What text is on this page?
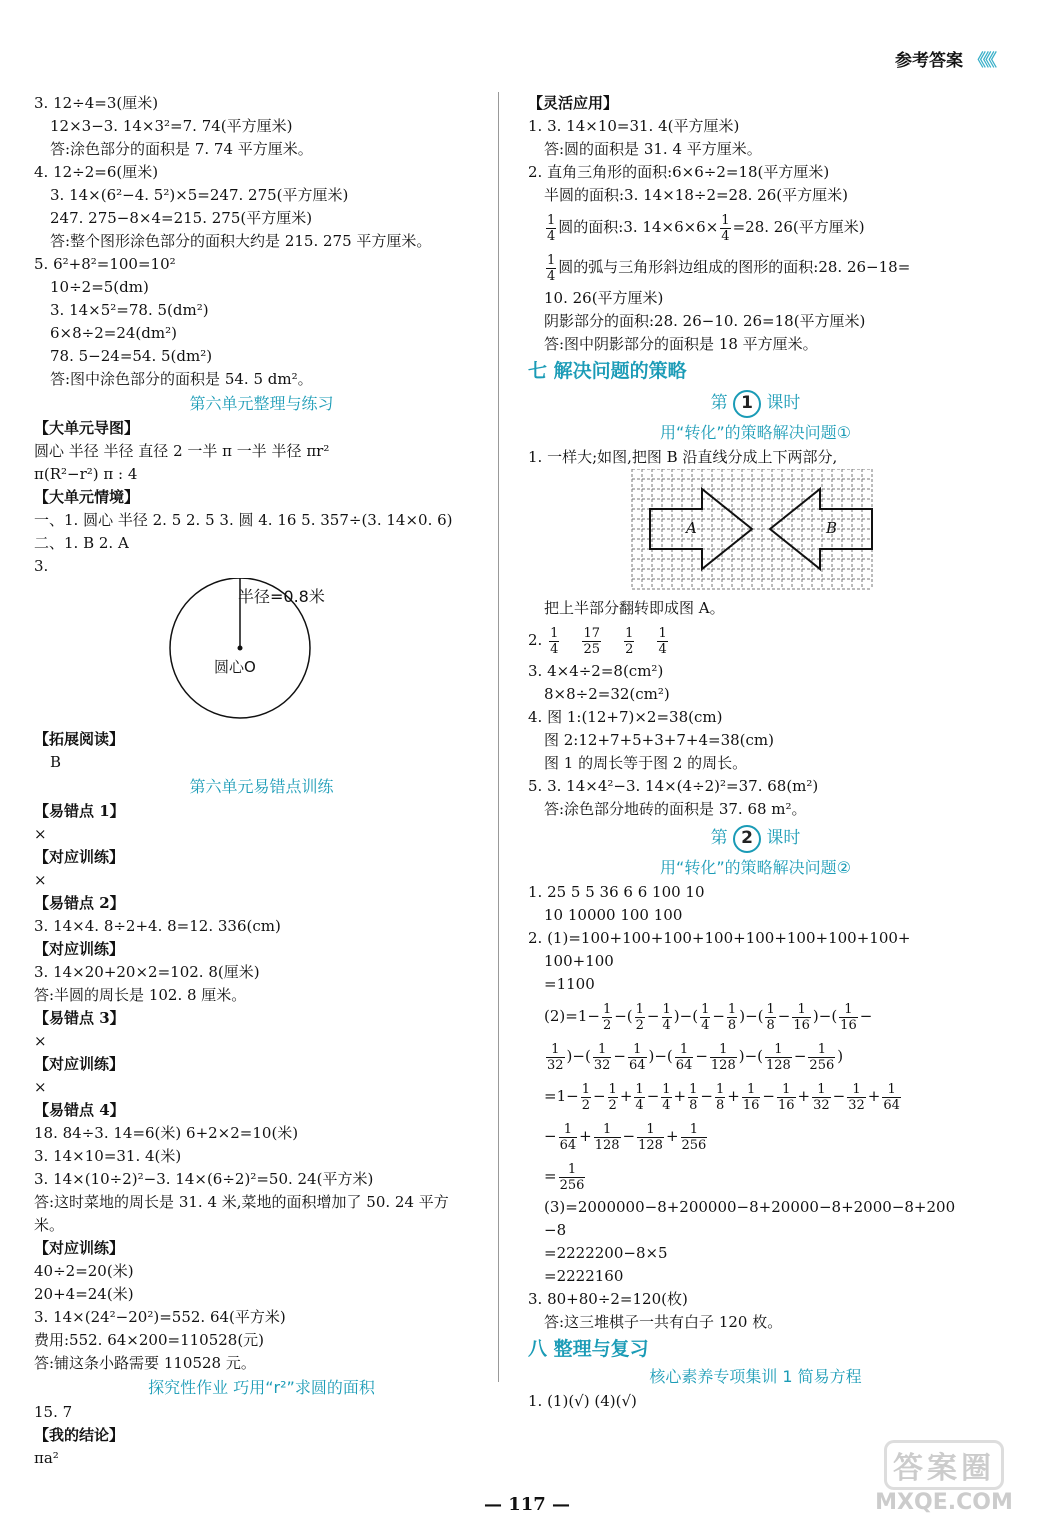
参考答案 《《《
3. 12÷4=3(厘米)
12×3−3. 14×3²=7. 74(平方厘米)
答:涂色部分的面积是 7. 74 平方厘米。
4. 12÷2=6(厘米)
3. 14×(6²−4. 5²)×5=247. 275(平方厘米)
247. 275−8×4=215. 275(平方厘米)
答:整个图形涂色部分的面积大约是 215. 275 平方厘米。
5. 6²+8²=100=10²
10÷2=5(dm)
3. 14×5²=78. 5(dm²)
6×8÷2=24(dm²)
78. 5−24=54. 5(dm²)
答:图中涂色部分的面积是 54. 5 dm²。
第六单元整理与练习
【大单元导图】
圆心 半径 半径 直径 2 一半 π 一半 半径 πr²
π(R²−r²) π : 4
【大单元情境】
一、1. 圆心 半径 2. 5 2. 5 3. 圆 4. 16 5. 357÷(3. 14×0. 6)
二、1. B 2. A
3.
半径=0.8米
圆心O
【拓展阅读】
B
第六单元易错点训练
【易错点 1】
×
【对应训练】
×
【易错点 2】
3. 14×4. 8÷2+4. 8=12. 336(cm)
【对应训练】
3. 14×20+20×2=102. 8(厘米)
答:半圆的周长是 102. 8 厘米。
【易错点 3】
×
【对应训练】
×
【易错点 4】
18. 84÷3. 14=6(米) 6+2×2=10(米)
3. 14×10=31. 4(米)
3. 14×(10÷2)²−3. 14×(6÷2)²=50. 24(平方米)
答:这时菜地的周长是 31. 4 米,菜地的面积增加了 50. 24 平方
米。
【对应训练】
40÷2=20(米)
20+4=24(米)
3. 14×(24²−20²)=552. 64(平方米)
费用:552. 64×200=110528(元)
答:铺这条小路需要 110528 元。
探究性作业 巧用“r²”求圆的面积
15. 7
【我的结论】
πa²
【灵活应用】
1. 3. 14×10=31. 4(平方厘米)
答:圆的面积是 31. 4 平方厘米。
2. 直角三角形的面积:6×6÷2=18(平方厘米)
半圆的面积:3. 14×18÷2=28. 26(平方厘米)
$\frac{1}{4}$ 圆的面积:3. $14\times 6\times 6\times \frac{1}{4} =28$. 26(平方厘米)
$\frac{1}{4}$ 圆的弧与三角形斜边组成的图形的面积:28. 26−18=
10. 26(平方厘米)
阴影部分的面积:28. 26−10. 26=18(平方厘米)
答:图中阴影部分的面积是 18 平方厘米。
七 解决问题的策略
第 1 课时
用“转化”的策略解决问题①
1. 一样大;如图,把图 B 沿直线分成上下两部分,
A	B
把上半部分翻转即成图 A。
2. $\frac{1}{4}$
$\frac{17}{25}$
$\frac{1}{2}$
$\frac{1}{4}$
3. 4×4÷2=8(cm²)
8×8÷2=32(cm²)
4. 图 1:(12+7)×2=38(cm)
图 2:12+7+5+3+7+4=38(cm)
图 1 的周长等于图 2 的周长。
5. 3. 14×4²−3. 14×(4÷2)²=37. 68(m²)
答:涂色部分地砖的面积是 37. 68 m²。
第 2 课时
用“转化”的策略解决问题②
1. 25 5 5 36 6 6 100 10
10 10000 100 100
2. (1)=100+100+100+100+100+100+100+100+
100+100
=1100
$(2)=1- \frac{1}{2}$ −( $\frac{1}{2} - \frac{1}{4}$ )−( $\frac{1}{4} - \frac{1}{8}$ )−( $\frac{1}{8} - \frac{1}{16}$ )−( $\frac{1}{16}$ −
$\frac{1}{32}$ )−( $\frac{1}{32} - \frac{1}{64}$ )−( $\frac{1}{64} - \frac{1}{128}$ )−( $\frac{1}{128} - \frac{1}{256}$ )
$=1- \frac{1}{2} - \frac{1}{2} + \frac{1}{4} - \frac{1}{4} + \frac{1}{8} - \frac{1}{8} + \frac{1}{16} - \frac{1}{16} + \frac{1}{32} - \frac{1}{32} + \frac{1}{64}$
− $\frac{1}{64} + \frac{1}{128} - \frac{1}{128} + \frac{1}{256}$
= $\frac{1}{256}$
(3)=2000000−8+200000−8+20000−8+2000−8+200
−8
=2222200−8×5
=2222160
3. 80+80÷2=120(枚)
答:这三堆棋子一共有白子 120 枚。
八 整理与复习
核心素养专项集训 1 简易方程
1. (1)(√) (4)(√)
— 117 —
答案圈
MXQE.COM
